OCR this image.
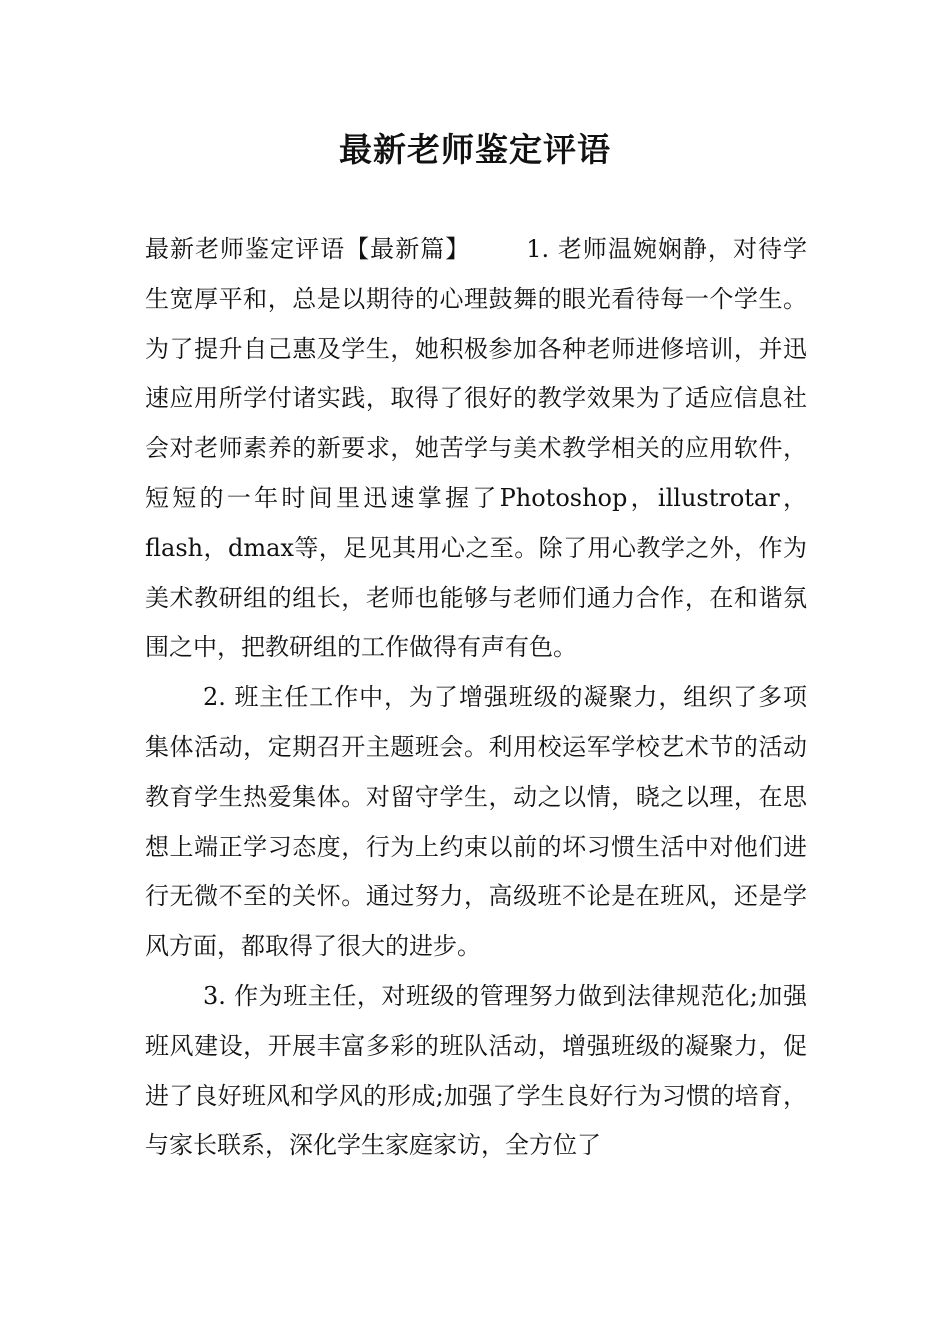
最新老师鉴定评语

最新老师鉴定评语【最新篇】 1. 老师温婉娴静，对待学生宽厚平和，总是以期待的心理鼓舞的眼光看待每一个学生。为了提升自己惠及学生，她积极参加各种老师进修培训，并迅速应用所学付诸实践，取得了很好的教学效果为了适应信息社会对老师素养的新要求，她苦学与美术教学相关的应用软件，短短的一年时间里迅速掌握了Photoshop，illustrotar，flash，dmax等，足见其用心之至。除了用心教学之外，作为美术教研组的组长，老师也能够与老师们通力合作，在和谐氛围之中，把教研组的工作做得有声有色。

2. 班主任工作中，为了增强班级的凝聚力，组织了多项集体活动，定期召开主题班会。利用校运军学校艺术节的活动教育学生热爱集体。对留守学生，动之以情，晓之以理，在思想上端正学习态度，行为上约束以前的坏习惯生活中对他们进行无微不至的关怀。通过努力，高级班不论是在班风，还是学风方面，都取得了很大的进步。

3. 作为班主任，对班级的管理努力做到法律规范化;加强班风建设，开展丰富多彩的班队活动，增强班级的凝聚力，促进了良好班风和学风的形成;加强了学生良好行为习惯的培育，与家长联系，深化学生家庭家访，全方位了
